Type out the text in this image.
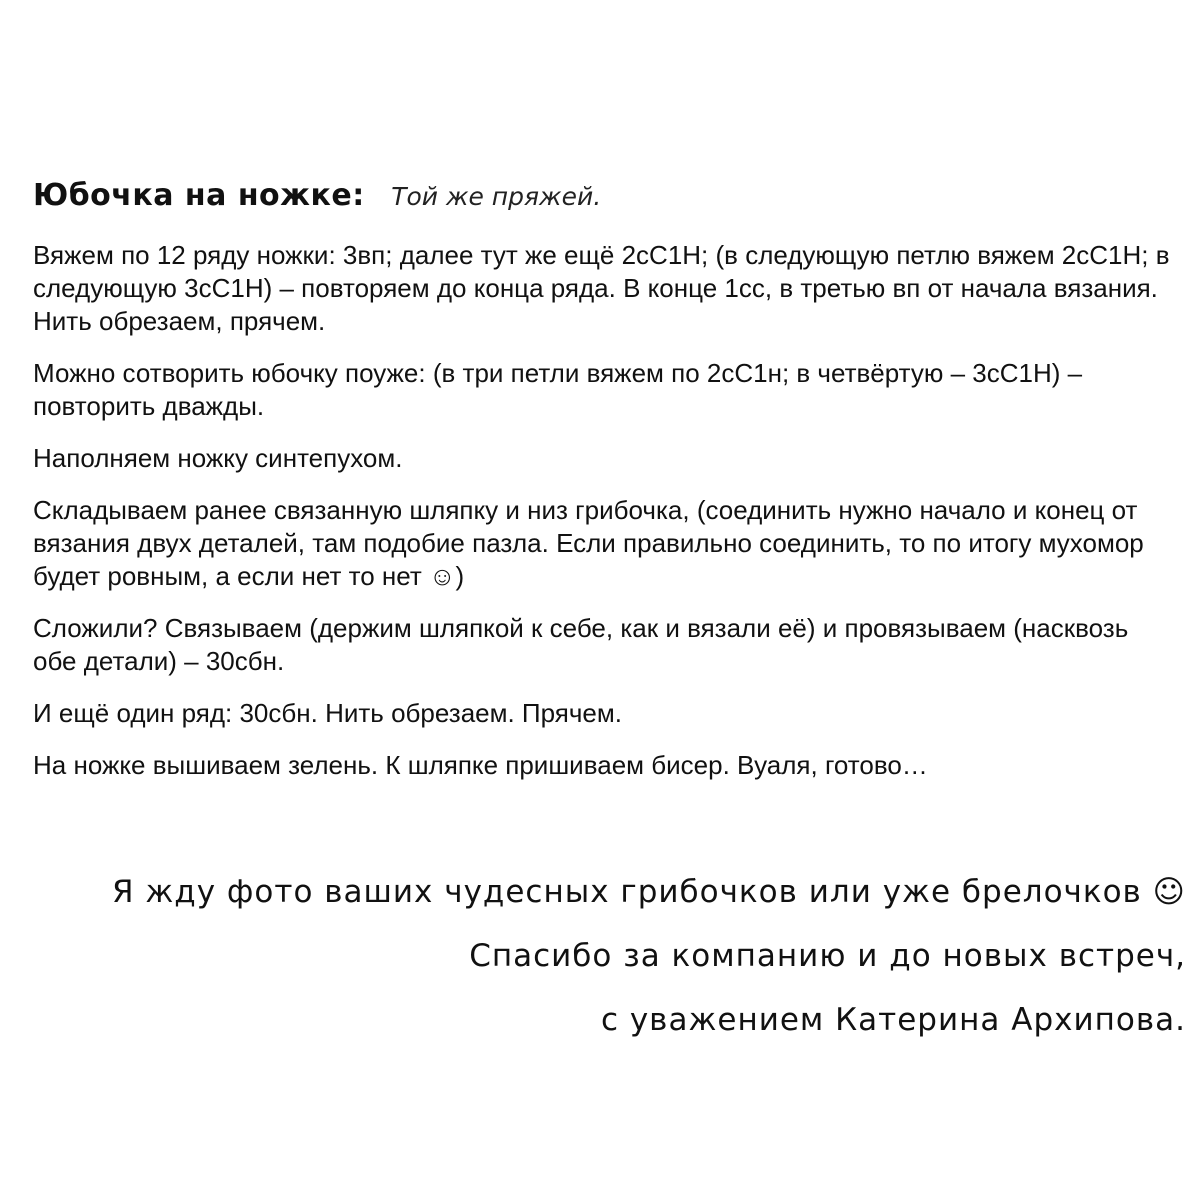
Юбочка на ножке: Той же пряжей.

Вяжем по 12 ряду ножки: 3вп; далее тут же ещё 2сС1Н; (в следующую петлю вяжем 2сС1Н; в следующую 3сС1Н) – повторяем до конца ряда. В конце 1сс, в третью вп от начала вязания. Нить обрезаем, прячем.

Можно сотворить юбочку поуже: (в три петли вяжем по 2сС1н; в четвёртую – 3сС1Н) – повторить дважды.

Наполняем ножку синтепухом.

Складываем ранее связанную шляпку и низ грибочка, (соединить нужно начало и конец от вязания двух деталей, там подобие пазла. Если правильно соединить, то по итогу мухомор будет ровным, а если нет то нет ☺)

Сложили? Связываем (держим шляпкой к себе, как и вязали её) и провязываем (насквозь обе детали) – 30сбн.

И ещё один ряд: 30сбн. Нить обрезаем. Прячем.

На ножке вышиваем зелень. К шляпке пришиваем бисер. Вуаля, готово…

Я жду фото ваших чудесных грибочков или уже брелочков ☺
Спасибо за компанию и до новых встреч,
с уважением Катерина Архипова.
